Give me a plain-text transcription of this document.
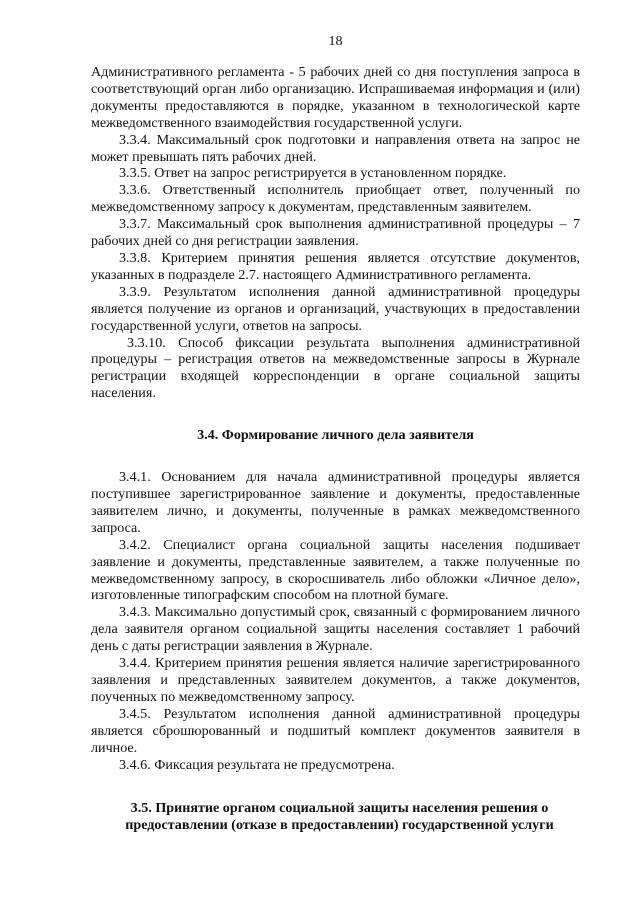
18

Административного регламента - 5 рабочих дней со дня поступления запроса в соответствующий орган либо организацию. Испрашиваемая информация и (или) документы предоставляются в порядке, указанном в технологической карте межведомственного взаимодействия государственной услуги.

3.3.4. Максимальный срок подготовки и направления ответа на запрос не может превышать пять рабочих дней.

3.3.5. Ответ на запрос регистрируется в установленном порядке.

3.3.6. Ответственный исполнитель приобщает ответ, полученный по межведомственному запросу к документам, представленным заявителем.

3.3.7. Максимальный срок выполнения административной процедуры – 7 рабочих дней со дня регистрации заявления.

3.3.8. Критерием принятия решения является отсутствие документов, указанных в подразделе 2.7. настоящего Административного регламента.

3.3.9. Результатом исполнения данной административной процедуры является получение из органов и организаций, участвующих в предоставлении государственной услуги, ответов на запросы.

3.3.10. Способ фиксации результата выполнения административной процедуры – регистрация ответов на межведомственные запросы в Журнале регистрации входящей корреспонденции в органе социальной защиты населения.

3.4. Формирование личного дела заявителя

3.4.1. Основанием для начала административной процедуры является поступившее зарегистрированное заявление и документы, предоставленные заявителем лично, и документы, полученные в рамках межведомственного запроса.

3.4.2. Специалист органа социальной защиты населения подшивает заявление и документы, представленные заявителем, а также полученные по межведомственному запросу, в скоросшиватель либо обложки «Личное дело», изготовленные типографским способом на плотной бумаге.

3.4.3. Максимально допустимый срок, связанный с формированием личного дела заявителя органом социальной защиты населения составляет 1 рабочий день с даты регистрации заявления в Журнале.

3.4.4. Критерием принятия решения является наличие зарегистрированного заявления и представленных заявителем документов, а также документов, поученных по межведомственному запросу.

3.4.5. Результатом исполнения данной административной процедуры является сброшюрованный и подшитый комплект документов заявителя в личное.

3.4.6. Фиксация результата не предусмотрена.

3.5. Принятие органом социальной защиты населения решения о
предоставлении (отказе в предоставлении) государственной услуги
